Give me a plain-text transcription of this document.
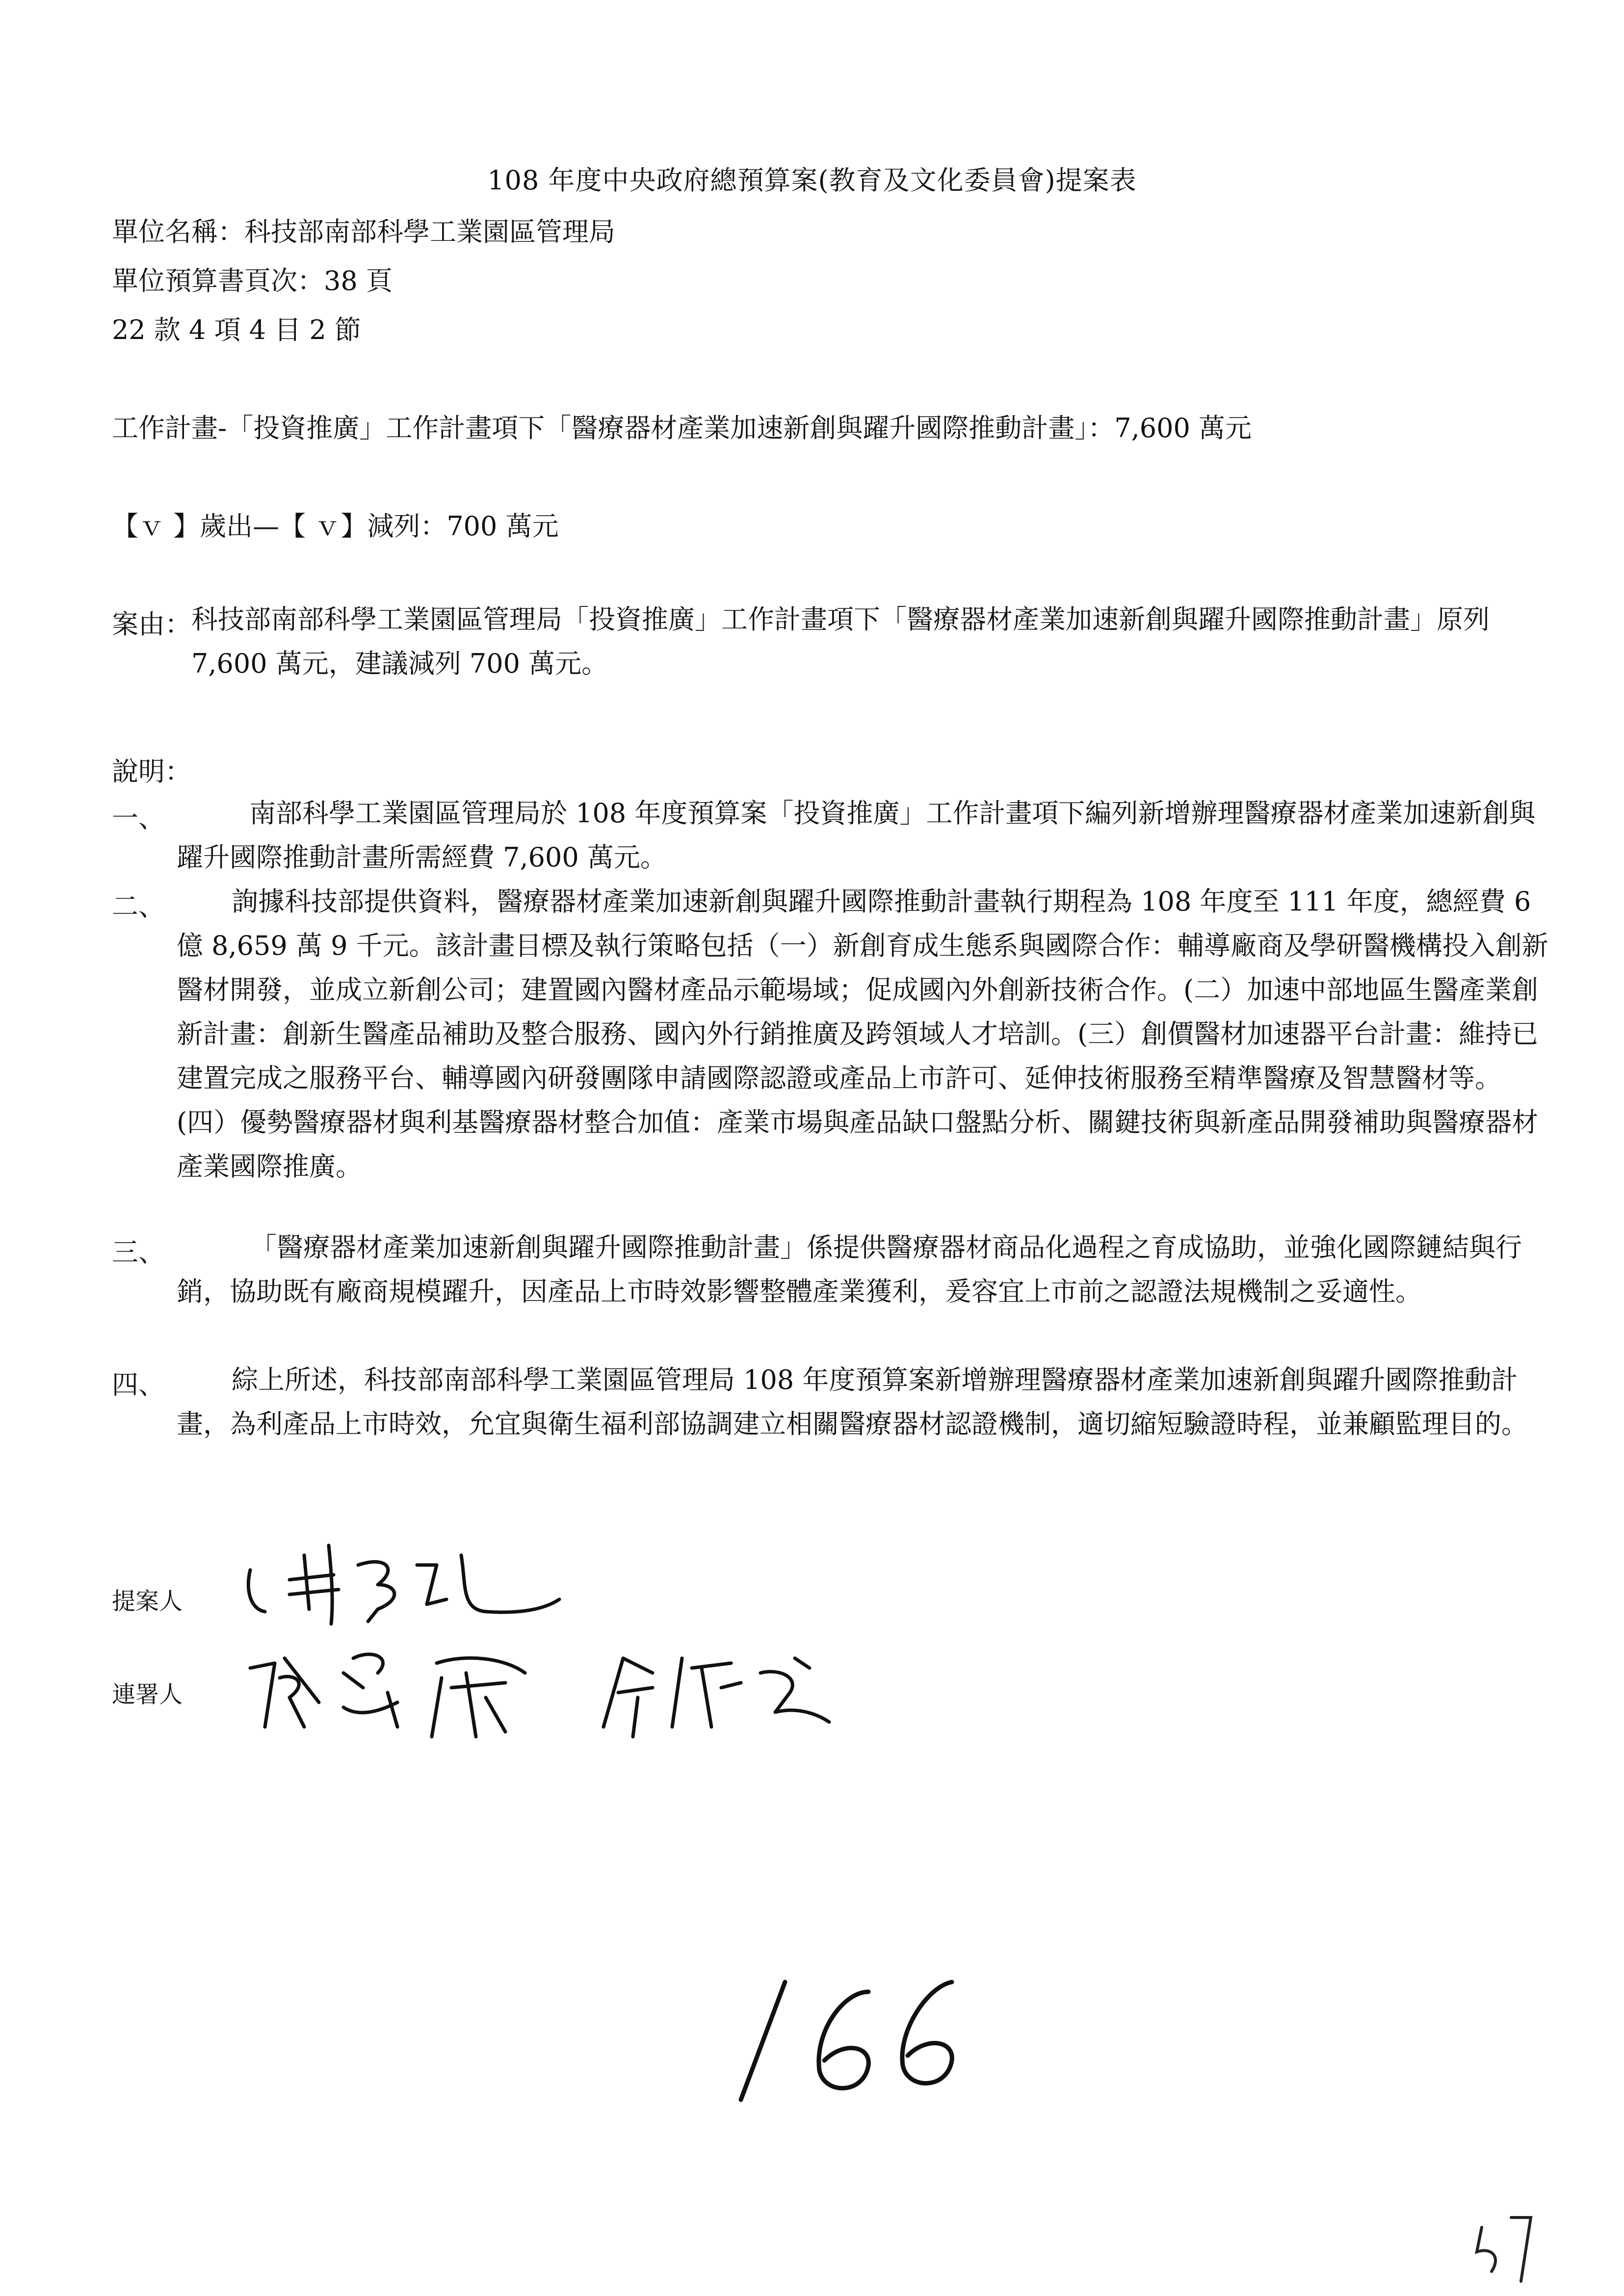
108 年度中央政府總預算案(教育及文化委員會)提案表
單位名稱：科技部南部科學工業園區管理局
單位預算書頁次：38 頁
22 款 4 項 4 目 2 節
工作計畫-「投資推廣」工作計畫項下「醫療器材產業加速新創與躍升國際推動計畫」：7,600 萬元
【ｖ 】歲出—【 ｖ】減列：700 萬元
案由： 科技部南部科學工業園區管理局「投資推廣」工作計畫項下「醫療器材產業加速新創與躍升國際推動計畫」原列 7,600 萬元，建議減列 700 萬元。
說明：
一、	南部科學工業園區管理局於 108 年度預算案「投資推廣」工作計畫項下編列新增辦理醫療器材產業加速新創與躍升國際推動計畫所需經費 7,600 萬元。
二、	詢據科技部提供資料，醫療器材產業加速新創與躍升國際推動計畫執行期程為 108 年度至 111 年度，總經費 6 億 8,659 萬 9 千元。該計畫目標及執行策略包括（一）新創育成生態系與國際合作：輔導廠商及學研醫機構投入創新醫材開發，並成立新創公司；建置國內醫材產品示範場域；促成國內外創新技術合作。(二）加速中部地區生醫產業創新計畫：創新生醫產品補助及整合服務、國內外行銷推廣及跨領域人才培訓。(三）創價醫材加速器平台計畫：維持已建置完成之服務平台、輔導國內研發團隊申請國際認證或產品上市許可、延伸技術服務至精準醫療及智慧醫材等。(四）優勢醫療器材與利基醫療器材整合加值：產業市場與產品缺口盤點分析、關鍵技術與新產品開發補助與醫療器材產業國際推廣。
三、	「醫療器材產業加速新創與躍升國際推動計畫」係提供醫療器材商品化過程之育成協助，並強化國際鏈結與行銷，協助既有廠商規模躍升，因產品上市時效影響整體產業獲利，爰容宜上市前之認證法規機制之妥適性。
四、	綜上所述，科技部南部科學工業園區管理局 108 年度預算案新增辦理醫療器材產業加速新創與躍升國際推動計畫，為利產品上市時效，允宜與衛生福利部協調建立相關醫療器材認證機制，適切縮短驗證時程，並兼顧監理目的。
提案人
連署人
